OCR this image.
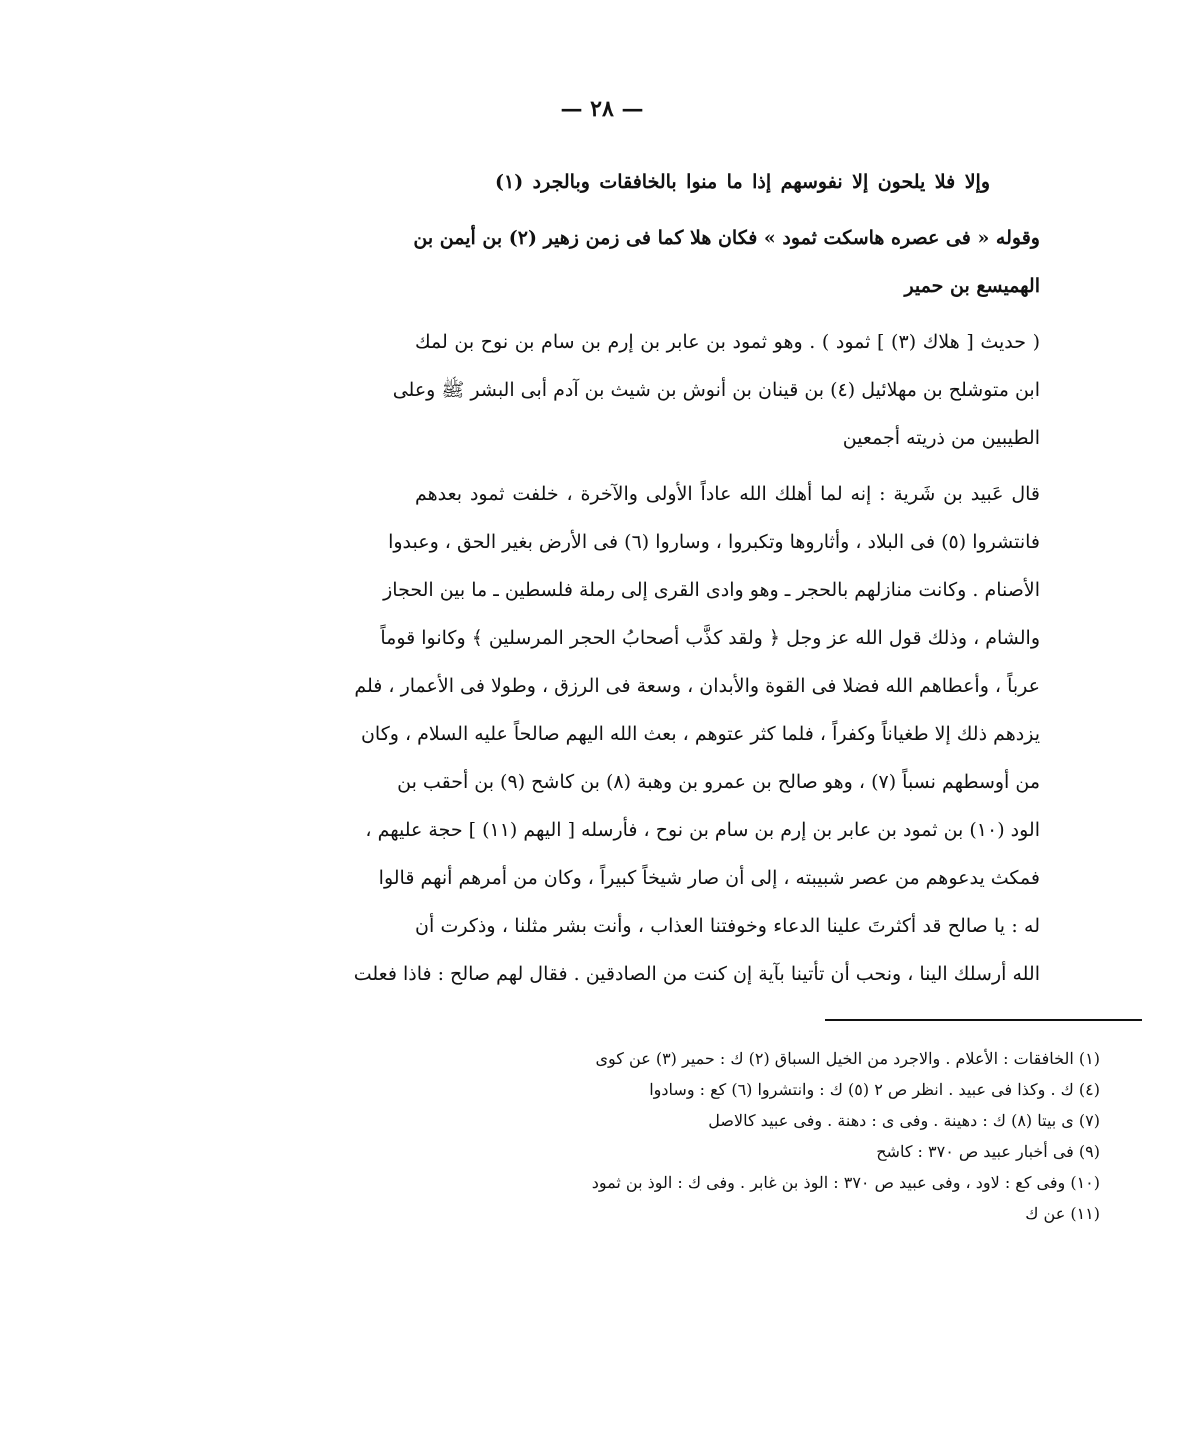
— ٢٨ —
وإلا فلا يلحون إلا نفوسهم إذا ما منوا بالخافقات وبالجرد (١)
وقوله « فى عصره هاسكت ثمود » فكان هلا كما فى زمن زهير (٢) بن أيمن بن
الهميسع بن حمير
( حديث [ هلاك (٣) ] ثمود ) . وهو ثمود بن عابر بن إرم بن سام بن نوح بن لمك
ابن متوشلح بن مهلائيل (٤) بن قينان بن أنوش بن شيث بن آدم أبى البشر ﷺ وعلى
الطيبين من ذريته أجمعين
قال عَبيد بن شَرية : إنه لما أهلك الله عاداً الأولى والآخرة ، خلفت ثمود بعدهم
فانتشروا (٥) فى البلاد ، وأثاروها وتكبروا ، وساروا (٦) فى الأرض بغير الحق ، وعبدوا
الأصنام . وكانت منازلهم بالحجر ـ وهو وادى القرى إلى رملة فلسطين ـ ما بين الحجاز
والشام ، وذلك قول الله عز وجل ﴿ ولقد كذَّب أصحابُ الحجر المرسلين ﴾ وكانوا قوماً
عرباً ، وأعطاهم الله فضلا فى القوة والأبدان ، وسعة فى الرزق ، وطولا فى الأعمار ، فلم
يزدهم ذلك إلا طغياناً وكفراً ، فلما كثر عتوهم ، بعث الله اليهم صالحاً عليه السلام ، وكان
من أوسطهم نسباً (٧) ، وهو صالح بن عمرو بن وهبة (٨) بن كاشح (٩) بن أحقب بن
الود (١٠) بن ثمود بن عابر بن إرم بن سام بن نوح ، فأرسله [ اليهم (١١) ] حجة عليهم ،
فمكث يدعوهم من عصر شبيبته ، إلى أن صار شيخاً كبيراً ، وكان من أمرهم أنهم قالوا
له : يا صالح قد أكثرتَ علينا الدعاء وخوفتنا العذاب ، وأنت بشر مثلنا ، وذكرت أن
الله أرسلك الينا ، ونحب أن تأتينا بآية إن كنت من الصادقين . فقال لهم صالح : فاذا فعلت
(١) الخافقات : الأعلام . والاجرد من الخيل السباق (٢) ك : حمير (٣) عن كوى
(٤) ك . وكذا فى عبيد . انظر ص ٢ (٥) ك : وانتشروا (٦) كع : وسادوا
(٧) ى بيتا (٨) ك : دهينة . وفى ى : دهنة . وفى عبيد كالاصل
(٩) فى أخبار عبيد ص ٣٧٠ : كاشح
(١٠) وفى كع : لاود ، وفى عبيد ص ٣٧٠ : الوذ بن غابر . وفى ك : الوذ بن ثمود
(١١) عن ك
